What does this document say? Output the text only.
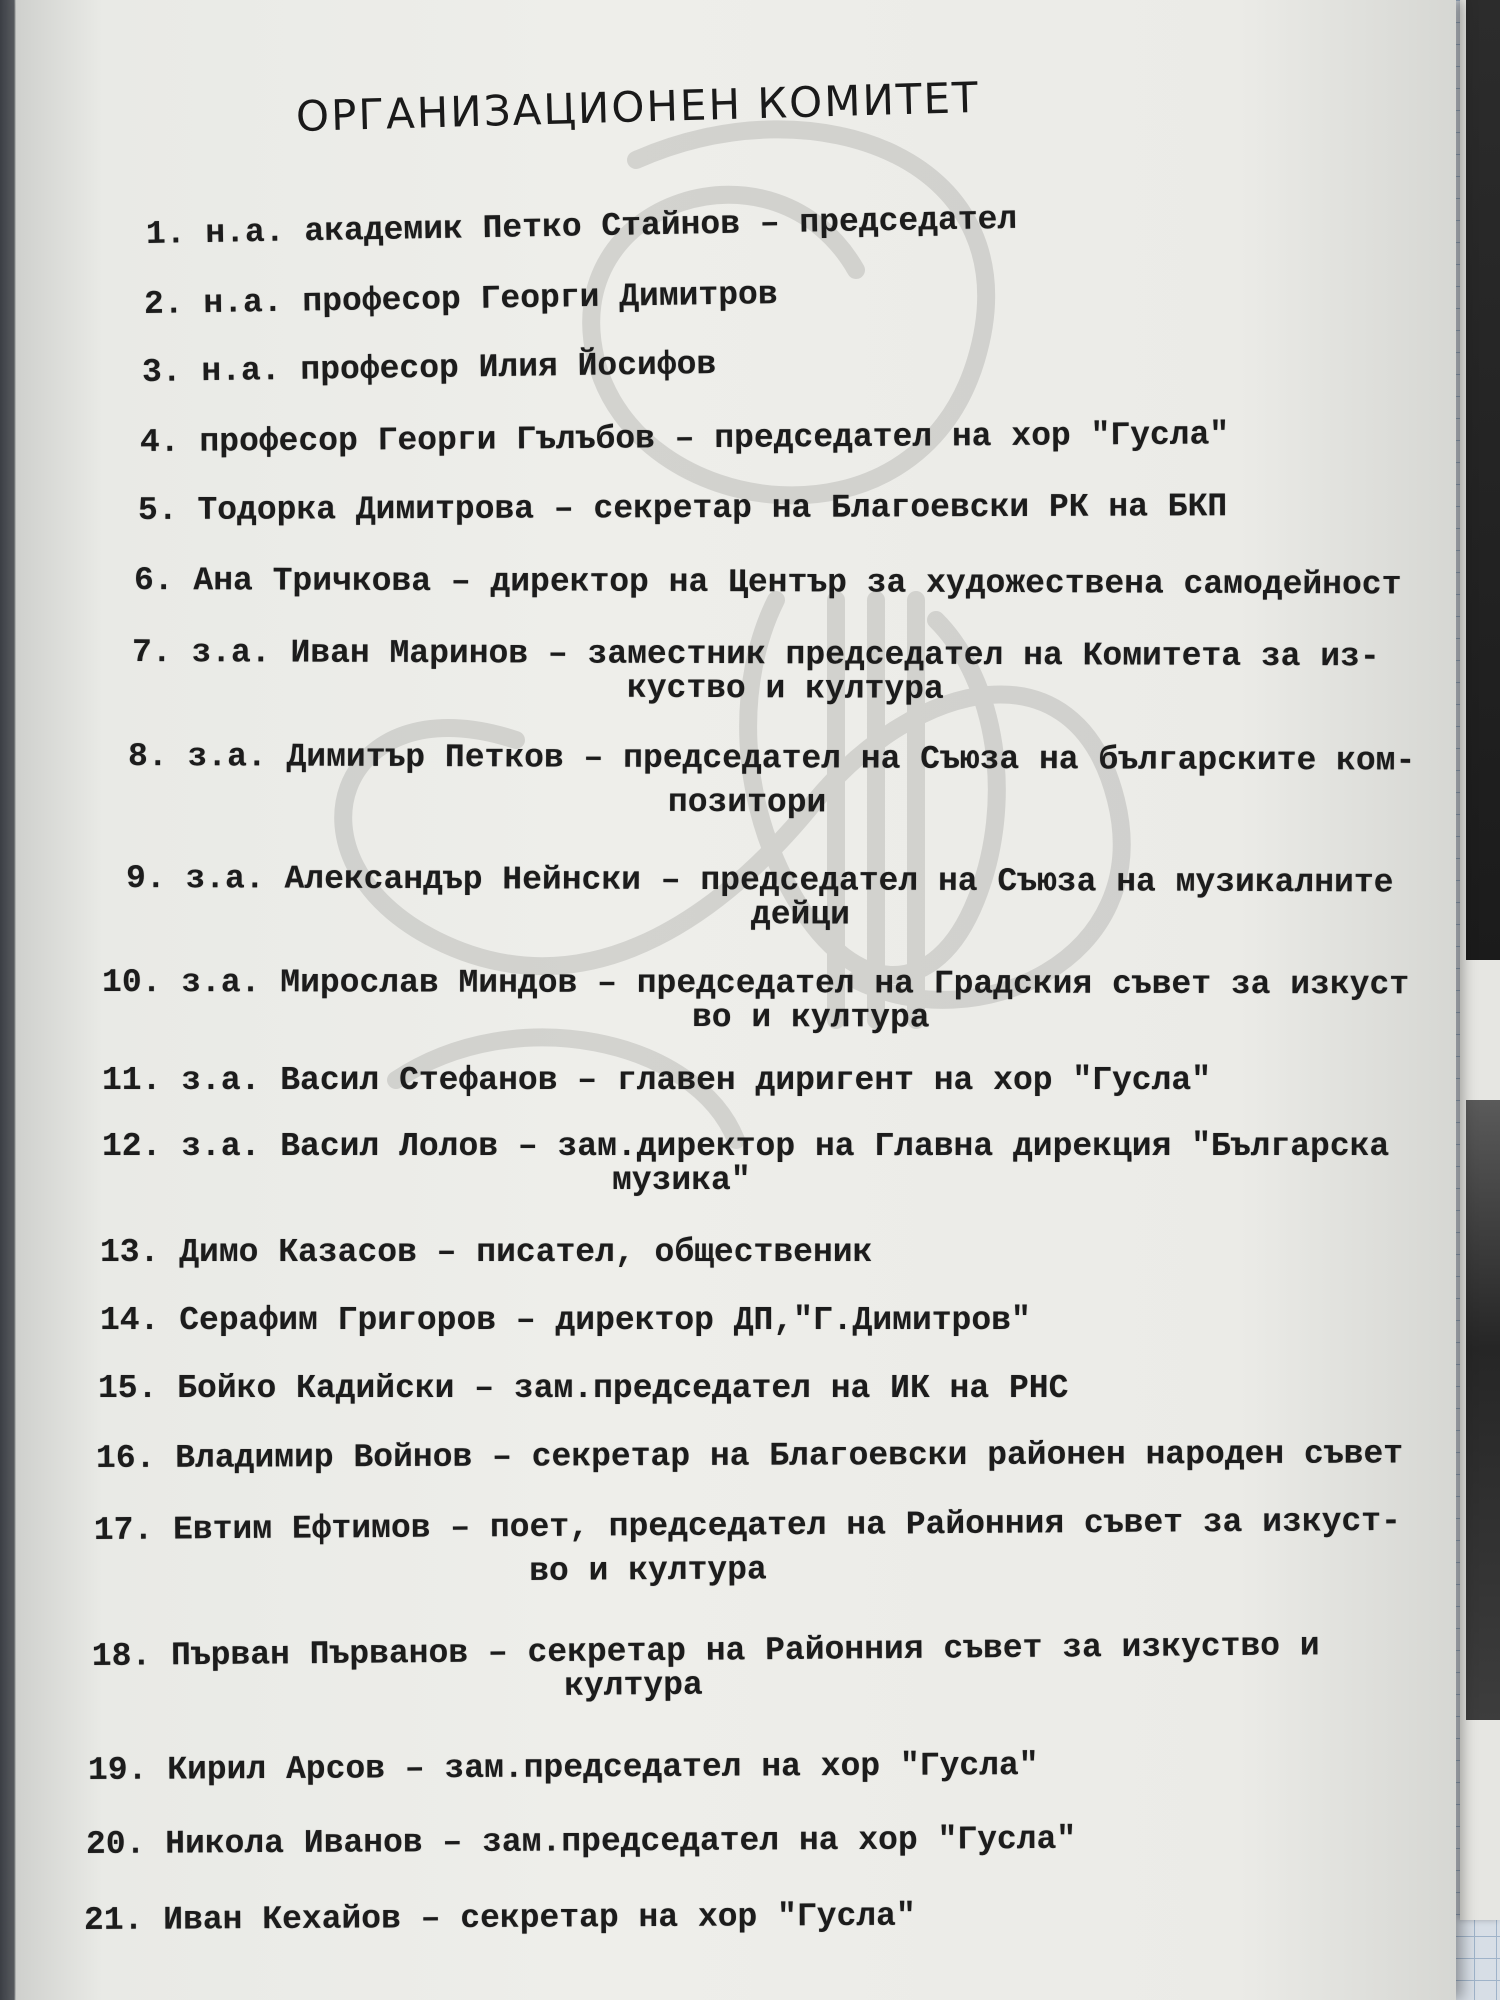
ОРГАНИЗАЦИОНЕН КОМИТЕТ
1. н.а. академик Петко Стайнов – председател
2. н.а. професор Георги Димитров
3. н.а. професор Илия Йосифов
4. професор Георги Гълъбов – председател на хор "Гусла"
5. Тодорка Димитрова – секретар на Благоевски РК на БКП
6. Ана Тричкова – директор на Център за художествена самодейност
7. з.а. Иван Маринов – заместник председател на Комитета за из-
куство и култура
8. з.а. Димитър Петков – председател на Съюза на българските ком-
позитори
9. з.а. Александър Нейнски – председател на Съюза на музикалните
дейци
10. з.а. Мирослав Миндов – председател на Градския съвет за изкуст
во и култура
11. з.а. Васил Стефанов – главен диригент на хор "Гусла"
12. з.а. Васил Лолов – зам.директор на Главна дирекция "Българска
музика"
13. Димо Казасов – писател, общественик
14. Серафим Григоров – директор ДП,"Г.Димитров"
15. Бойко Кадийски – зам.председател на ИК на РНС
16. Владимир Войнов – секретар на Благоевски районен народен съвет
17. Евтим Ефтимов – поет, председател на Районния съвет за изкуст-
во и култура
18. Първан Първанов – секретар на Районния съвет за изкуство и
култура
19. Кирил Арсов – зам.председател на хор "Гусла"
20. Никола Иванов – зам.председател на хор "Гусла"
21. Иван Кехайов – секретар на хор "Гусла"
